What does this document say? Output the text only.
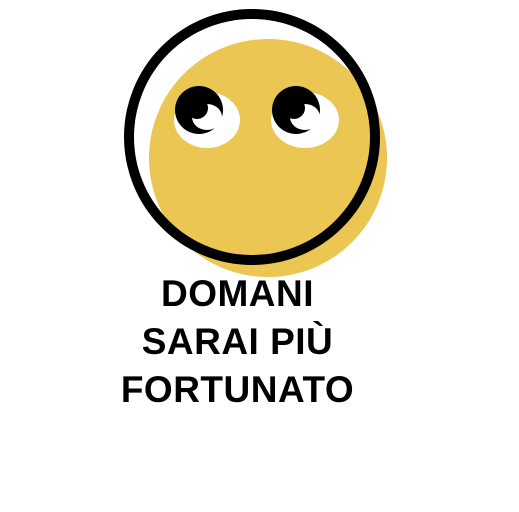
DOMANI
SARAI PIÙ
FORTUNATO
